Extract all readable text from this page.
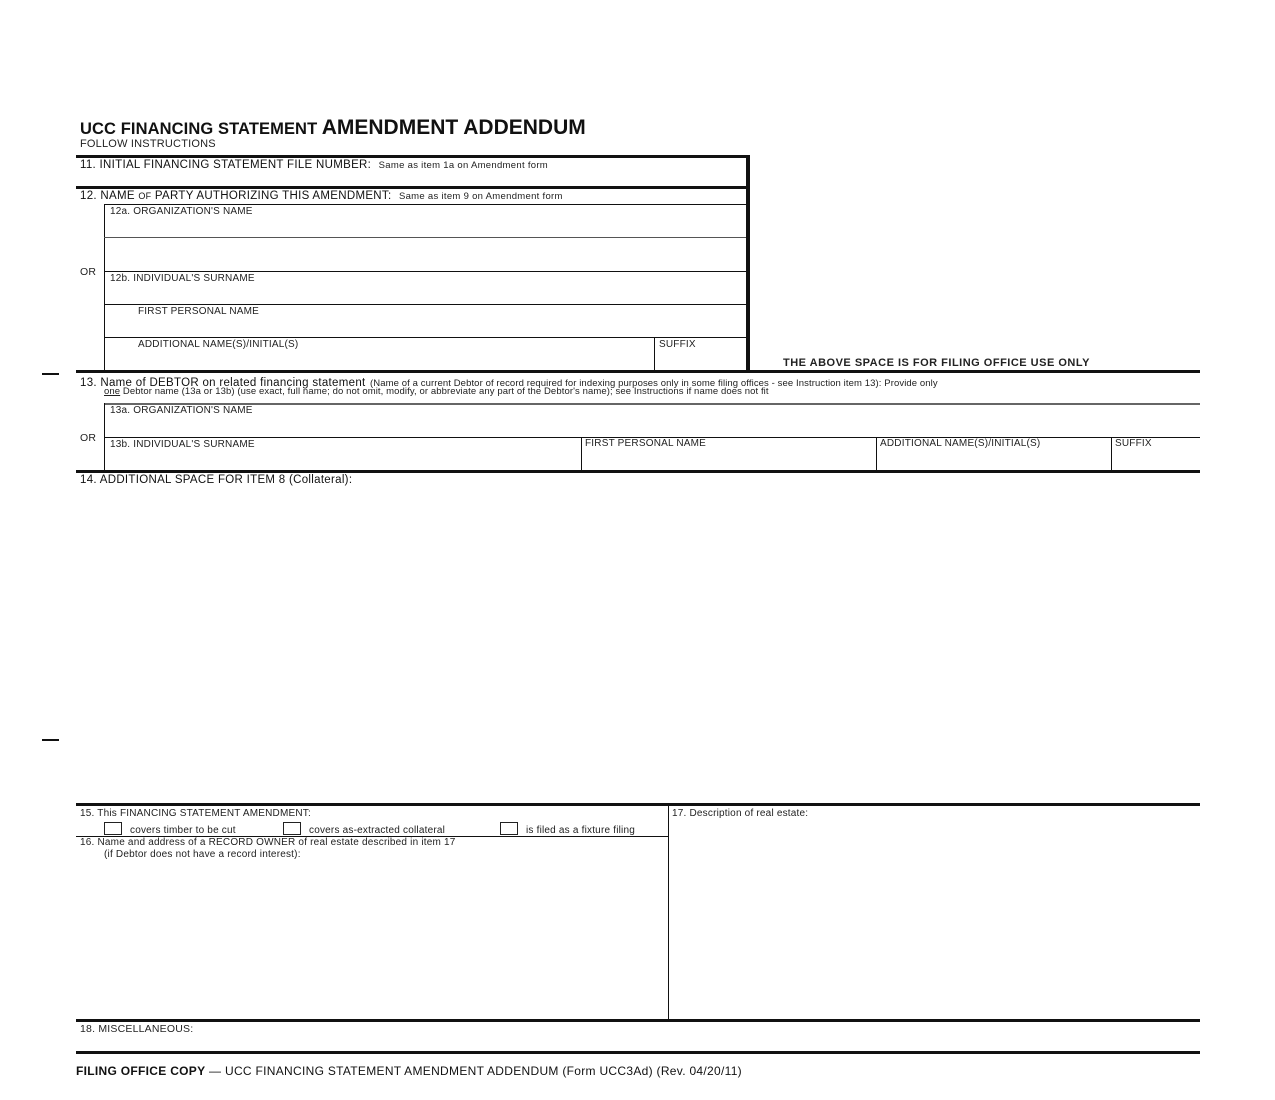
UCC FINANCING STATEMENT AMENDMENT ADDENDUM
FOLLOW INSTRUCTIONS
11. INITIAL FINANCING STATEMENT FILE NUMBER: Same as item 1a on Amendment form
12. NAME OF PARTY AUTHORIZING THIS AMENDMENT: Same as item 9 on Amendment form
12a. ORGANIZATION'S NAME
OR
12b. INDIVIDUAL'S SURNAME
FIRST PERSONAL NAME
ADDITIONAL NAME(S)/INITIAL(S)	SUFFIX
THE ABOVE SPACE IS FOR FILING OFFICE USE ONLY
13. Name of DEBTOR on related financing statement (Name of a current Debtor of record required for indexing purposes only in some filing offices - see Instruction item 13): Provide only
one Debtor name (13a or 13b) (use exact, full name; do not omit, modify, or abbreviate any part of the Debtor's name); see Instructions if name does not fit
13a. ORGANIZATION'S NAME
OR
13b. INDIVIDUAL'S SURNAME	FIRST PERSONAL NAME	ADDITIONAL NAME(S)/INITIAL(S)	SUFFIX
14. ADDITIONAL SPACE FOR ITEM 8 (Collateral):
15. This FINANCING STATEMENT AMENDMENT:
covers timber to be cut	covers as-extracted collateral	is filed as a fixture filing
16. Name and address of a RECORD OWNER of real estate described in item 17
(if Debtor does not have a record interest):
17. Description of real estate:
18. MISCELLANEOUS:
FILING OFFICE COPY — UCC FINANCING STATEMENT AMENDMENT ADDENDUM (Form UCC3Ad) (Rev. 04/20/11)
